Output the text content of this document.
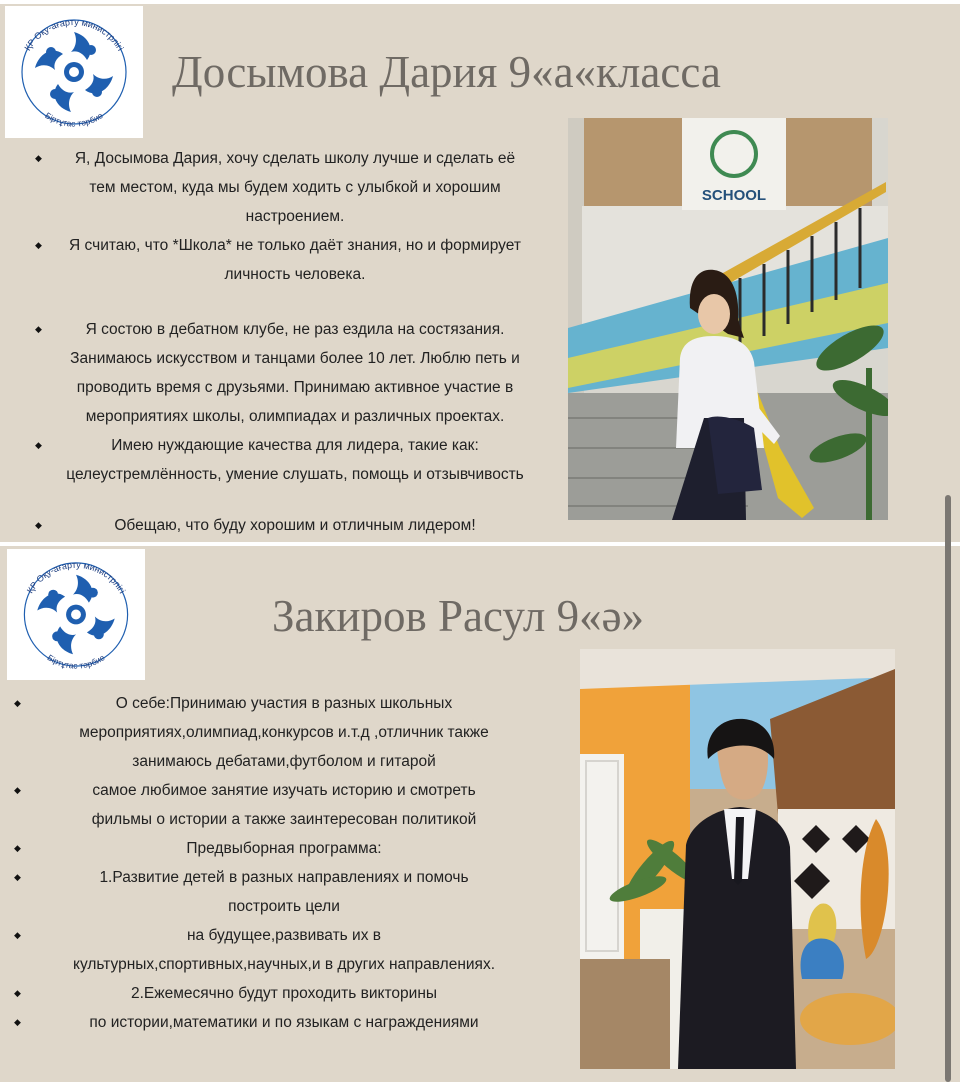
ҚР Оқу-ағарту министрлігі
Біртұтас тәрбие
Досымова Дария 9«а«класса
◆ Я, Досымова Дария, хочу сделать школу лучше и сделать её
тем местом, куда мы будем ходить с улыбкой и хорошим
настроением.
◆ Я считаю, что *Школа* не только даёт знания, но и формирует
личность человека.
◆	Я состою в дебатном клубе, не раз ездила на состязания.
Занимаюсь искусством и танцами более 10 лет. Люблю петь и
проводить время с друзьями. Принимаю активное участие в
мероприятиях школы, олимпиадах и различных проектах.
◆	Имею нуждающие качества для лидера, такие как:
целеустремлённость, умение слушать, помощь и отзывчивость
◆	Обещаю, что буду хорошим и отличным лидером!
SCHOOL
ҚР Оқу-ағарту министрлігі
Біртұтас тәрбие
Закиров Расул 9«ә»
◆	О себе:Принимаю участия в разных школьных
мероприятиях,олимпиад,конкурсов и.т.д ,отличник также
занимаюсь дебатами,футболом и гитарой
◆	самое любимое занятие изучать историю и смотреть
фильмы о истории а также заинтересован политикой
◆	Предвыборная программа:
◆	1.Развитие детей в разных направлениях и помочь
построить цели
◆	на будущее,развивать их в
культурных,спортивных,научных,и в других направлениях.
◆	2.Ежемесячно будут проходить викторины
◆	по истории,математики и по языкам с награждениями
